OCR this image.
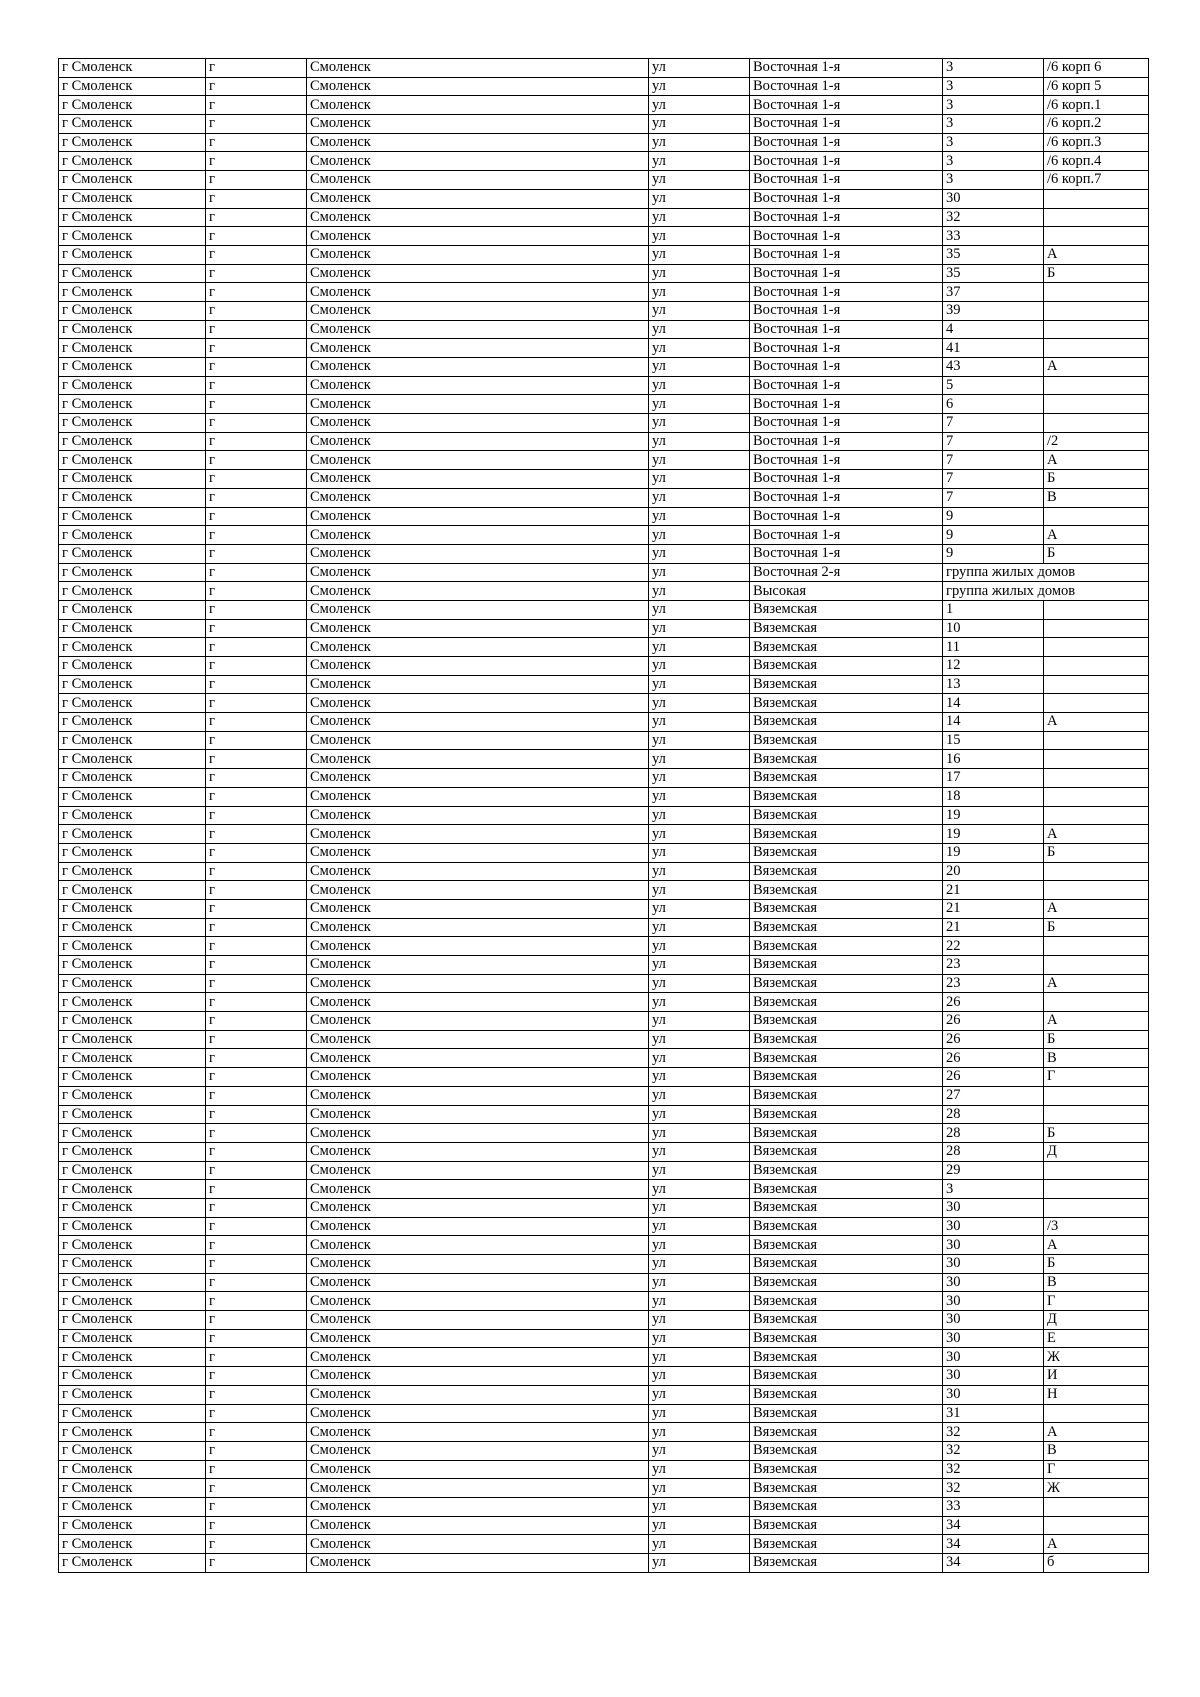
г Смоленск	г	Смоленск	ул	Восточная 1-я	3	/6 корп 6
г Смоленск	г	Смоленск	ул	Восточная 1-я	3	/6 корп 5
г Смоленск	г	Смоленск	ул	Восточная 1-я	3	/6 корп.1
г Смоленск	г	Смоленск	ул	Восточная 1-я	3	/6 корп.2
г Смоленск	г	Смоленск	ул	Восточная 1-я	3	/6 корп.3
г Смоленск	г	Смоленск	ул	Восточная 1-я	3	/6 корп.4
г Смоленск	г	Смоленск	ул	Восточная 1-я	3	/6 корп.7
г Смоленск	г	Смоленск	ул	Восточная 1-я	30	
г Смоленск	г	Смоленск	ул	Восточная 1-я	32	
г Смоленск	г	Смоленск	ул	Восточная 1-я	33	
г Смоленск	г	Смоленск	ул	Восточная 1-я	35	А
г Смоленск	г	Смоленск	ул	Восточная 1-я	35	Б
г Смоленск	г	Смоленск	ул	Восточная 1-я	37	
г Смоленск	г	Смоленск	ул	Восточная 1-я	39	
г Смоленск	г	Смоленск	ул	Восточная 1-я	4	
г Смоленск	г	Смоленск	ул	Восточная 1-я	41	
г Смоленск	г	Смоленск	ул	Восточная 1-я	43	А
г Смоленск	г	Смоленск	ул	Восточная 1-я	5	
г Смоленск	г	Смоленск	ул	Восточная 1-я	6	
г Смоленск	г	Смоленск	ул	Восточная 1-я	7	
г Смоленск	г	Смоленск	ул	Восточная 1-я	7	/2
г Смоленск	г	Смоленск	ул	Восточная 1-я	7	А
г Смоленск	г	Смоленск	ул	Восточная 1-я	7	Б
г Смоленск	г	Смоленск	ул	Восточная 1-я	7	В
г Смоленск	г	Смоленск	ул	Восточная 1-я	9	
г Смоленск	г	Смоленск	ул	Восточная 1-я	9	А
г Смоленск	г	Смоленск	ул	Восточная 1-я	9	Б
г Смоленск	г	Смоленск	ул	Восточная 2-я	группа жилых домов	
г Смоленск	г	Смоленск	ул	Высокая	группа жилых домов	
г Смоленск	г	Смоленск	ул	Вяземская	1	
г Смоленск	г	Смоленск	ул	Вяземская	10	
г Смоленск	г	Смоленск	ул	Вяземская	11	
г Смоленск	г	Смоленск	ул	Вяземская	12	
г Смоленск	г	Смоленск	ул	Вяземская	13	
г Смоленск	г	Смоленск	ул	Вяземская	14	
г Смоленск	г	Смоленск	ул	Вяземская	14	А
г Смоленск	г	Смоленск	ул	Вяземская	15	
г Смоленск	г	Смоленск	ул	Вяземская	16	
г Смоленск	г	Смоленск	ул	Вяземская	17	
г Смоленск	г	Смоленск	ул	Вяземская	18	
г Смоленск	г	Смоленск	ул	Вяземская	19	
г Смоленск	г	Смоленск	ул	Вяземская	19	А
г Смоленск	г	Смоленск	ул	Вяземская	19	Б
г Смоленск	г	Смоленск	ул	Вяземская	20	
г Смоленск	г	Смоленск	ул	Вяземская	21	
г Смоленск	г	Смоленск	ул	Вяземская	21	А
г Смоленск	г	Смоленск	ул	Вяземская	21	Б
г Смоленск	г	Смоленск	ул	Вяземская	22	
г Смоленск	г	Смоленск	ул	Вяземская	23	
г Смоленск	г	Смоленск	ул	Вяземская	23	А
г Смоленск	г	Смоленск	ул	Вяземская	26	
г Смоленск	г	Смоленск	ул	Вяземская	26	А
г Смоленск	г	Смоленск	ул	Вяземская	26	Б
г Смоленск	г	Смоленск	ул	Вяземская	26	В
г Смоленск	г	Смоленск	ул	Вяземская	26	Г
г Смоленск	г	Смоленск	ул	Вяземская	27	
г Смоленск	г	Смоленск	ул	Вяземская	28	
г Смоленск	г	Смоленск	ул	Вяземская	28	Б
г Смоленск	г	Смоленск	ул	Вяземская	28	Д
г Смоленск	г	Смоленск	ул	Вяземская	29	
г Смоленск	г	Смоленск	ул	Вяземская	3	
г Смоленск	г	Смоленск	ул	Вяземская	30	
г Смоленск	г	Смоленск	ул	Вяземская	30	/3
г Смоленск	г	Смоленск	ул	Вяземская	30	А
г Смоленск	г	Смоленск	ул	Вяземская	30	Б
г Смоленск	г	Смоленск	ул	Вяземская	30	В
г Смоленск	г	Смоленск	ул	Вяземская	30	Г
г Смоленск	г	Смоленск	ул	Вяземская	30	Д
г Смоленск	г	Смоленск	ул	Вяземская	30	Е
г Смоленск	г	Смоленск	ул	Вяземская	30	Ж
г Смоленск	г	Смоленск	ул	Вяземская	30	И
г Смоленск	г	Смоленск	ул	Вяземская	30	Н
г Смоленск	г	Смоленск	ул	Вяземская	31	
г Смоленск	г	Смоленск	ул	Вяземская	32	А
г Смоленск	г	Смоленск	ул	Вяземская	32	В
г Смоленск	г	Смоленск	ул	Вяземская	32	Г
г Смоленск	г	Смоленск	ул	Вяземская	32	Ж
г Смоленск	г	Смоленск	ул	Вяземская	33	
г Смоленск	г	Смоленск	ул	Вяземская	34	
г Смоленск	г	Смоленск	ул	Вяземская	34	А
г Смоленск	г	Смоленск	ул	Вяземская	34	б
